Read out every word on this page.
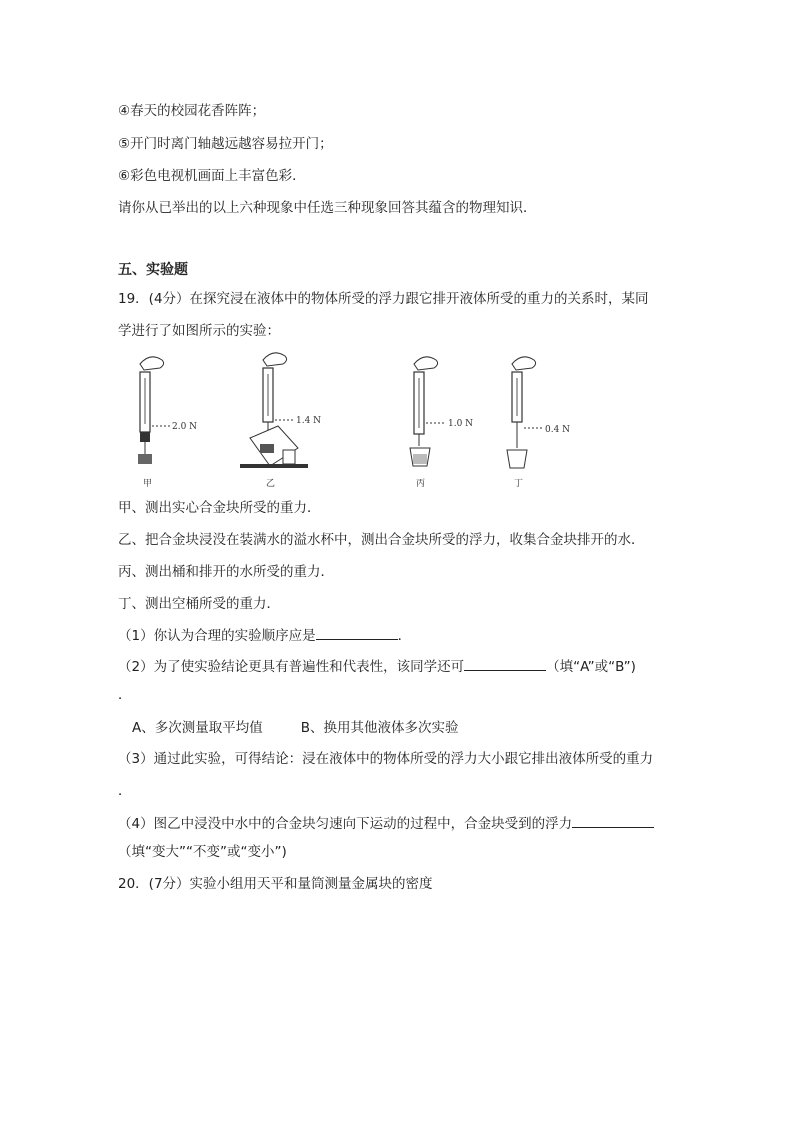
④春天的校园花香阵阵；
⑤开门时离门轴越远越容易拉开门；
⑥彩色电视机画面上丰富色彩．
请你从已举出的以上六种现象中任选三种现象回答其蕴含的物理知识．
五、实验题
19．(4分）在探究浸在液体中的物体所受的浮力跟它排开液体所受的重力的关系时，某同
学进行了如图所示的实验：
2.0 N
1.4 N	1.0 N
0.4 N
甲	乙	丙	丁
甲、测出实心合金块所受的重力．
乙、把合金块浸没在装满水的溢水杯中，测出合金块所受的浮力，收集合金块排开的水．
丙、测出桶和排开的水所受的重力．
丁、测出空桶所受的重力．
（1）你认为合理的实验顺序应是	．
（2）为了使实验结论更具有普遍性和代表性，该同学还可	（填“A”或“B”)
．
A、多次测量取平均值	B、换用其他液体多次实验
（3）通过此实验，可得结论：浸在液体中的物体所受的浮力大小跟它排出液体所受的重力
．
（4）图乙中浸没中水中的合金块匀速向下运动的过程中，合金块受到的浮力
（填“变大”“不变”或“变小”)
20．(7分）实验小组用天平和量筒测量金属块的密度
